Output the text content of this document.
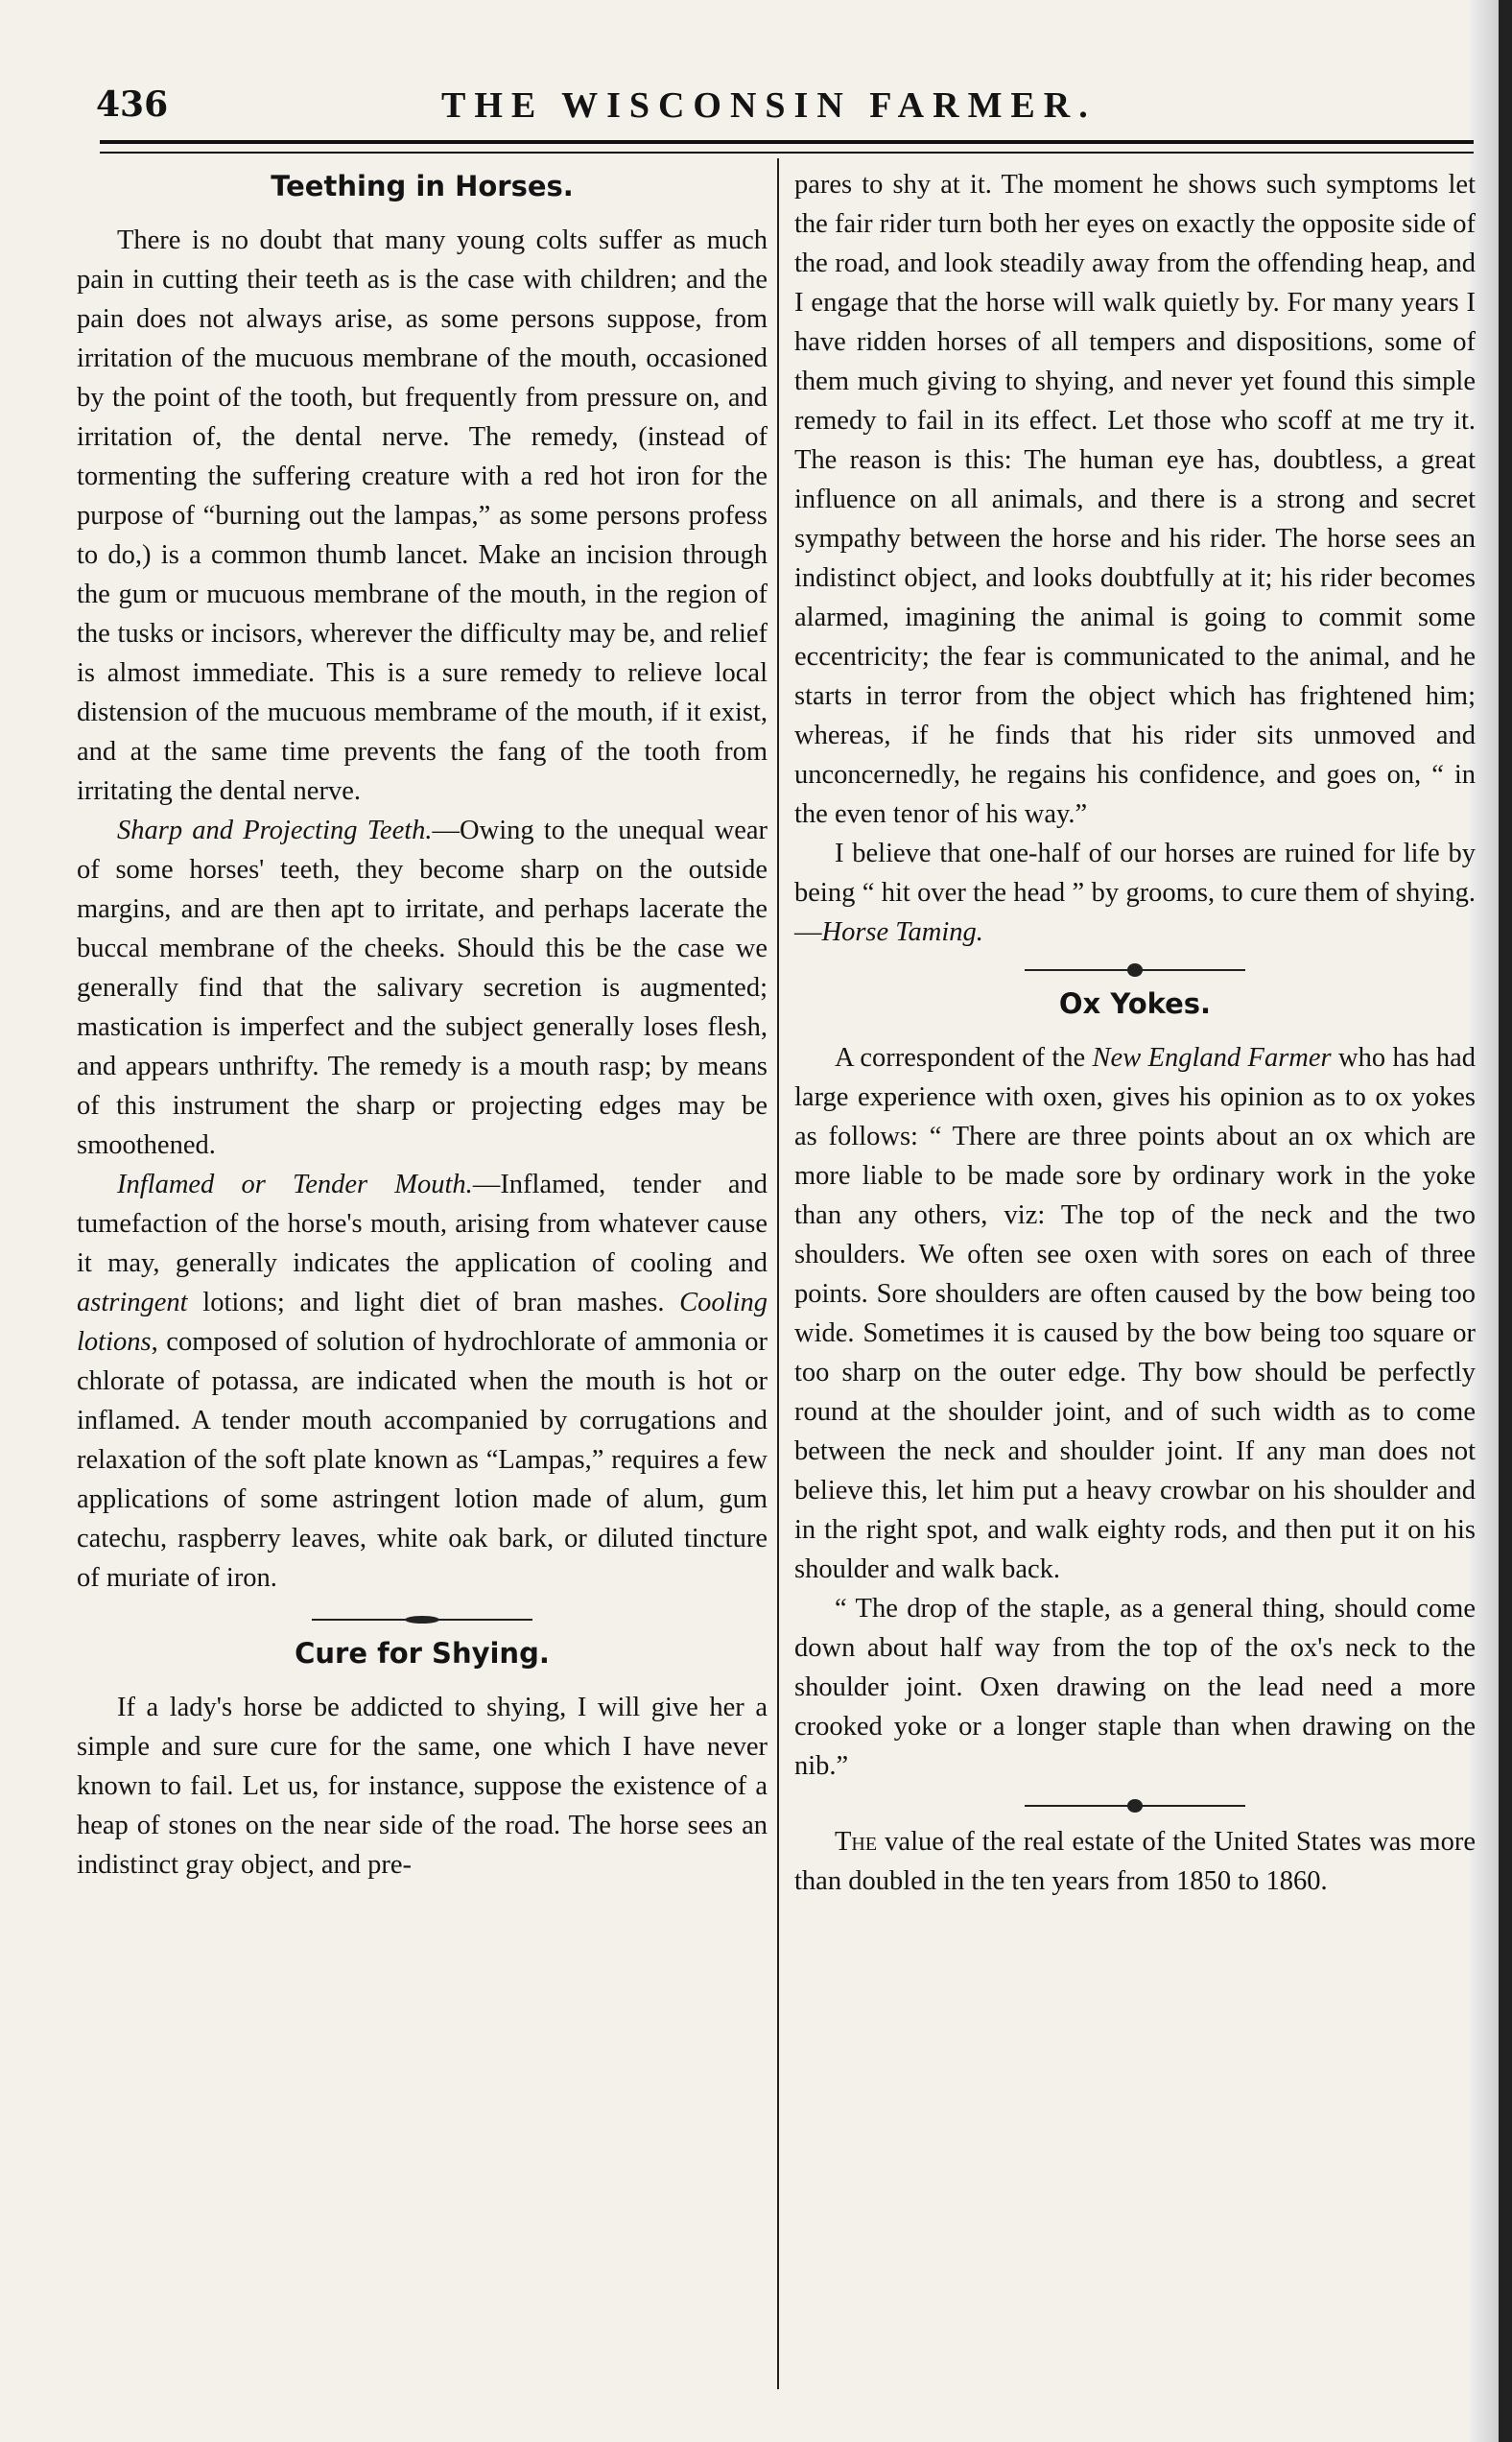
436	THE WISCONSIN FARMER.
Teething in Horses.

There is no doubt that many young colts suffer as much pain in cutting their teeth as is the case with children; and the pain does not always arise, as some persons suppose, from irritation of the mucuous membrane of the mouth, occasioned by the point of the tooth, but frequently from pressure on, and irritation of, the dental nerve. The remedy, (instead of tormenting the suffering creature with a red hot iron for the purpose of “burning out the lampas,” as some persons profess to do,) is a common thumb lancet. Make an incision through the gum or mucuous membrane of the mouth, in the region of the tusks or incisors, wherever the difficulty may be, and relief is almost immediate. This is a sure remedy to relieve local distension of the mucuous membrame of the mouth, if it exist, and at the same time prevents the fang of the tooth from irritating the dental nerve.

Sharp and Projecting Teeth.—Owing to the unequal wear of some horses' teeth, they become sharp on the outside margins, and are then apt to irritate, and perhaps lacerate the buccal membrane of the cheeks. Should this be the case we generally find that the salivary secretion is augmented; mastication is imperfect and the subject generally loses flesh, and appears unthrifty. The remedy is a mouth rasp; by means of this instrument the sharp or projecting edges may be smoothened.

Inflamed or Tender Mouth.—Inflamed, tender and tumefaction of the horse's mouth, arising from whatever cause it may, generally indicates the application of cooling and astringent lotions; and light diet of bran mashes. Cooling lotions, composed of solution of hydrochlorate of ammonia or chlorate of potassa, are indicated when the mouth is hot or inflamed. A tender mouth accompanied by corrugations and relaxation of the soft plate known as “Lampas,” requires a few applications of some astringent lotion made of alum, gum catechu, raspberry leaves, white oak bark, or diluted tincture of muriate of iron.

Cure for Shying.

If a lady's horse be addicted to shying, I will give her a simple and sure cure for the same, one which I have never known to fail. Let us, for instance, suppose the existence of a heap of stones on the near side of the road. The horse sees an indistinct gray object, and pre-

pares to shy at it. The moment he shows such symptoms let the fair rider turn both her eyes on exactly the opposite side of the road, and look steadily away from the offending heap, and I engage that the horse will walk quietly by. For many years I have ridden horses of all tempers and dispositions, some of them much giving to shying, and never yet found this simple remedy to fail in its effect. Let those who scoff at me try it. The reason is this: The human eye has, doubtless, a great influence on all animals, and there is a strong and secret sympathy between the horse and his rider. The horse sees an indistinct object, and looks doubtfully at it; his rider becomes alarmed, imagining the animal is going to commit some eccentricity; the fear is communicated to the animal, and he starts in terror from the object which has frightened him; whereas, if he finds that his rider sits unmoved and unconcernedly, he regains his confidence, and goes on, “ in the even tenor of his way.”

I believe that one-half of our horses are ruined for life by being “ hit over the head ” by grooms, to cure them of shying.—Horse Taming.

Ox Yokes.

A correspondent of the New England Farmer who has had large experience with oxen, gives his opinion as to ox yokes as follows: “ There are three points about an ox which are more liable to be made sore by ordinary work in the yoke than any others, viz: The top of the neck and the two shoulders. We often see oxen with sores on each of three points. Sore shoulders are often caused by the bow being too wide. Sometimes it is caused by the bow being too square or too sharp on the outer edge. Thy bow should be perfectly round at the shoulder joint, and of such width as to come between the neck and shoulder joint. If any man does not believe this, let him put a heavy crowbar on his shoulder and in the right spot, and walk eighty rods, and then put it on his shoulder and walk back.

“ The drop of the staple, as a general thing, should come down about half way from the top of the ox's neck to the shoulder joint. Oxen drawing on the lead need a more crooked yoke or a longer staple than when drawing on the nib.”

The value of the real estate of the United States was more than doubled in the ten years from 1850 to 1860.
